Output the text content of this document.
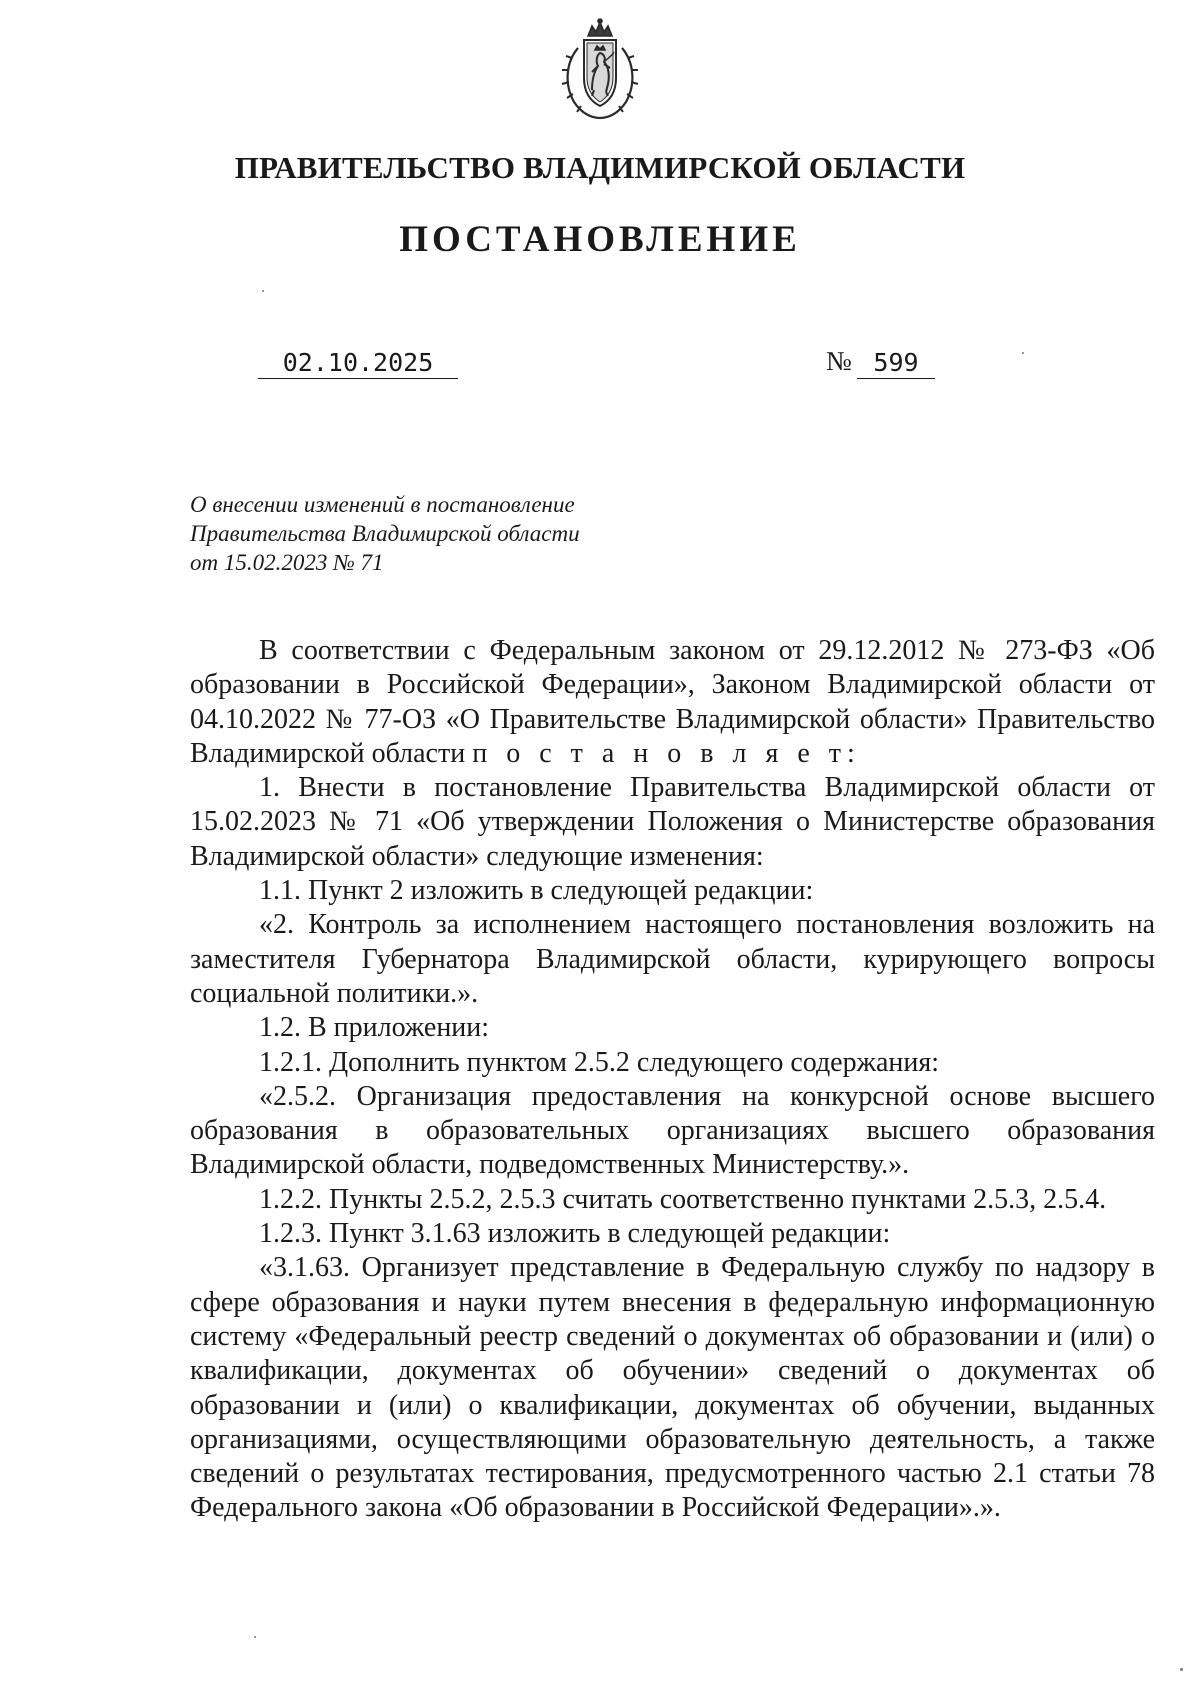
ПРАВИТЕЛЬСТВО ВЛАДИМИРСКОЙ ОБЛАСТИ
ПОСТАНОВЛЕНИЕ
02.10.2025	№ 599
О внесении изменений в постановление
Правительства Владимирской области
от 15.02.2023 № 71

В соответствии с Федеральным законом от 29.12.2012 № 273-ФЗ «Об образовании в Российской Федерации», Законом Владимирской области от 04.10.2022 № 77-ОЗ «О Правительстве Владимирской области» Правительство Владимирской области п о с т а н о в л я е т:

1. Внести в постановление Правительства Владимирской области от 15.02.2023 № 71 «Об утверждении Положения о Министерстве образования Владимирской области» следующие изменения:

1.1. Пункт 2 изложить в следующей редакции:

«2. Контроль за исполнением настоящего постановления возложить на заместителя Губернатора Владимирской области, курирующего вопросы социальной политики.».

1.2. В приложении:

1.2.1. Дополнить пунктом 2.5.2 следующего содержания:

«2.5.2. Организация предоставления на конкурсной основе высшего образования в образовательных организациях высшего образования Владимирской области, подведомственных Министерству.».

1.2.2. Пункты 2.5.2, 2.5.3 считать соответственно пунктами 2.5.3, 2.5.4.

1.2.3. Пункт 3.1.63 изложить в следующей редакции:

«3.1.63. Организует представление в Федеральную службу по надзору в сфере образования и науки путем внесения в федеральную информационную систему «Федеральный реестр сведений о документах об образовании и (или) о квалификации, документах об обучении» сведений о документах об образовании и (или) о квалификации, документах об обучении, выданных организациями, осуществляющими образовательную деятельность, а также сведений о результатах тестирования, предусмотренного частью 2.1 статьи 78 Федерального закона «Об образовании в Российской Федерации».».
